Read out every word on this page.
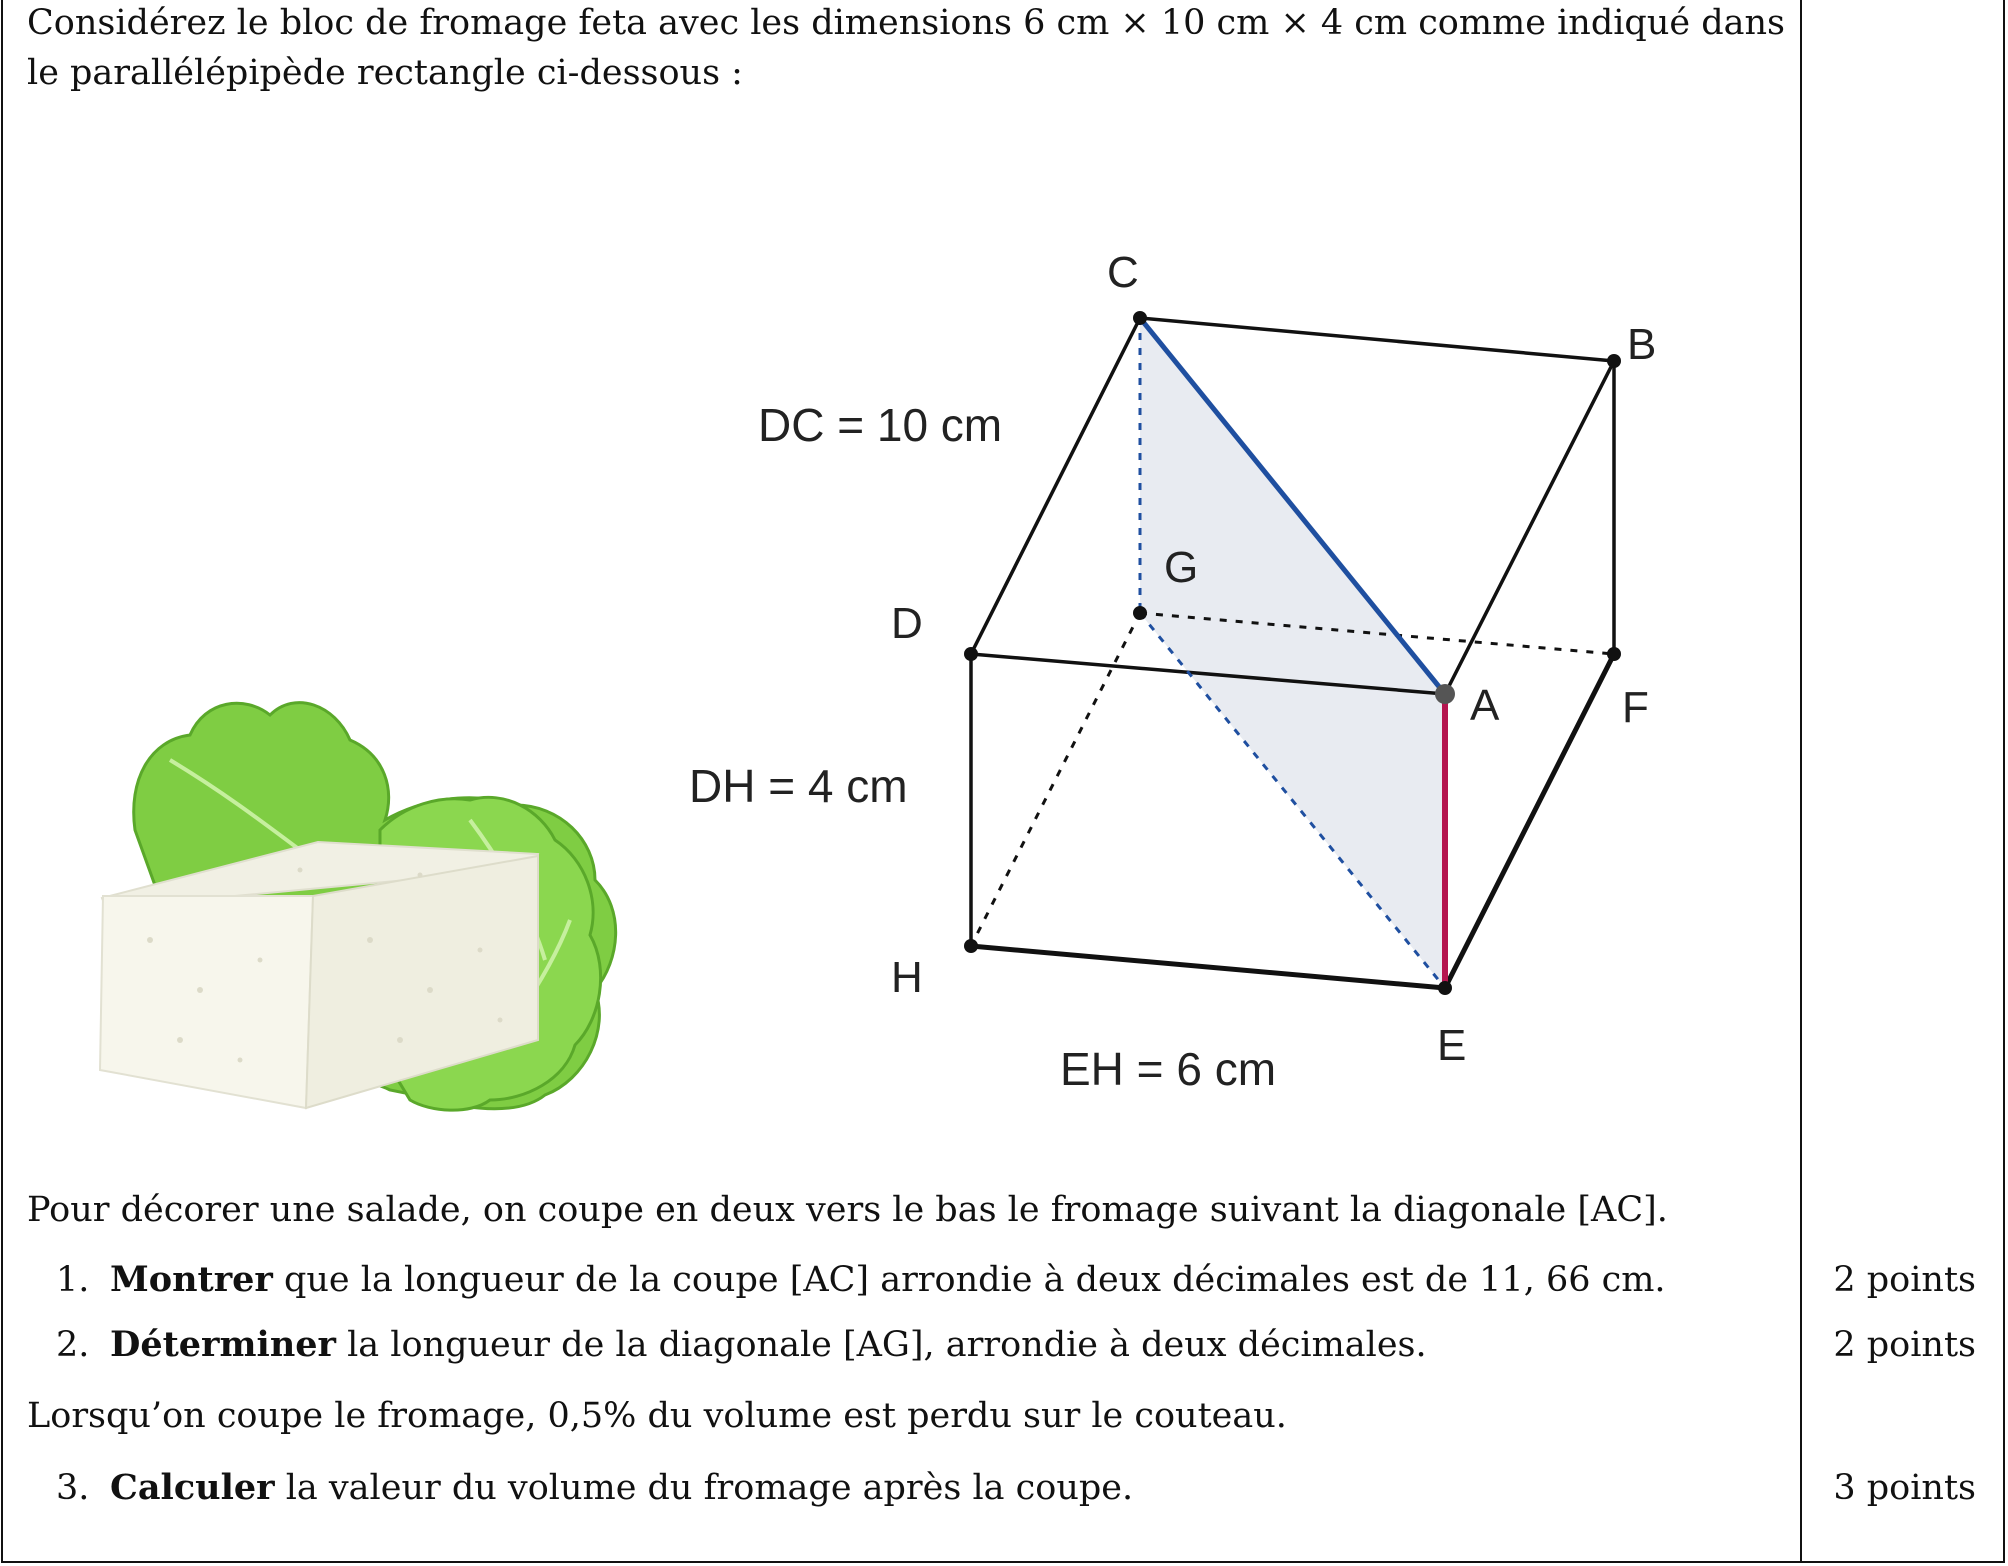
Considérez le bloc de fromage feta avec les dimensions 6 cm × 10 cm × 4 cm comme indiqué dans
le parallélépipède rectangle ci-dessous :
C
B
D
G
A	F
H
E
DC = 10 cm
DH = 4 cm
EH = 6 cm
Pour décorer une salade, on coupe en deux vers le bas le fromage suivant la diagonale [AC].
1. Montrer que la longueur de la coupe [AC] arrondie à deux décimales est de 11, 66 cm.	2 points
2. Déterminer la longueur de la diagonale [AG], arrondie à deux décimales.	2 points
Lorsqu’on coupe le fromage, 0,5% du volume est perdu sur le couteau.
3. Calculer la valeur du volume du fromage après la coupe.	3 points
